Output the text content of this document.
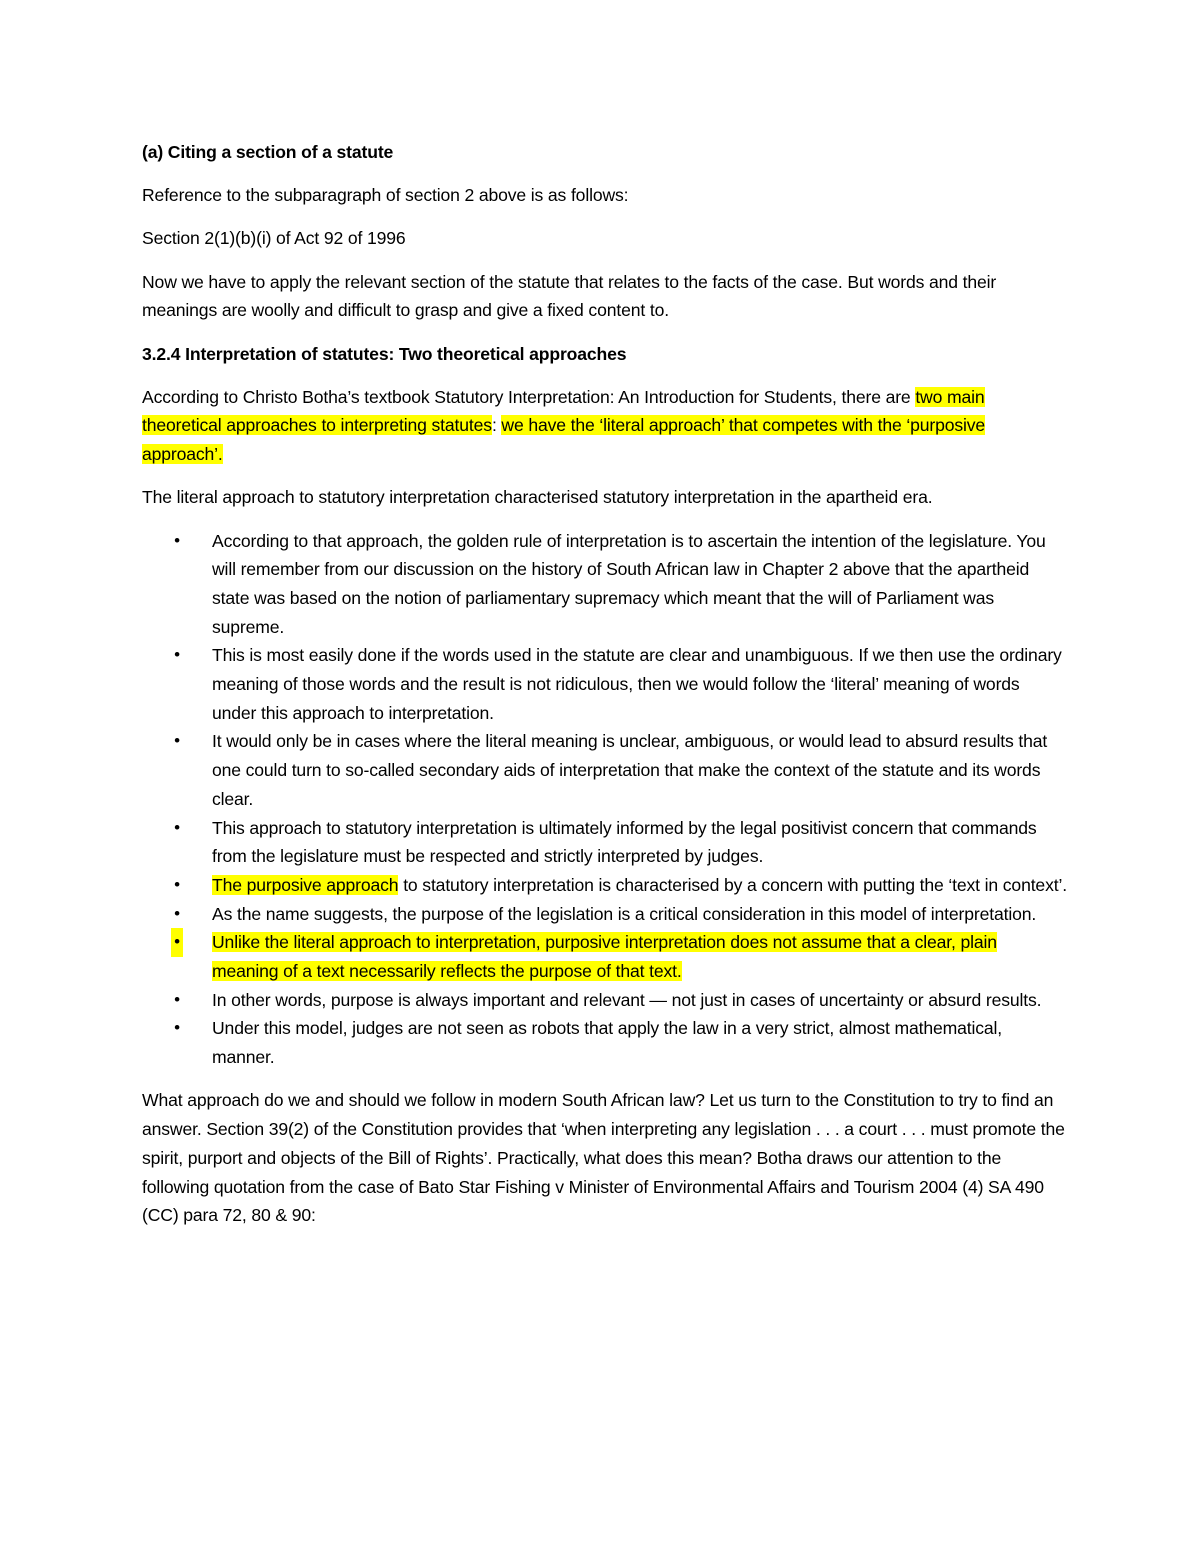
(a) Citing a section of a statute

Reference to the subparagraph of section 2 above is as follows:

Section 2(1)(b)(i) of Act 92 of 1996

Now we have to apply the relevant section of the statute that relates to the facts of the case. But words and their meanings are woolly and difficult to grasp and give a fixed content to.

3.2.4 Interpretation of statutes: Two theoretical approaches

According to Christo Botha’s textbook Statutory Interpretation: An Introduction for Students, there are two main theoretical approaches to interpreting statutes: we have the ‘literal approach’ that competes with the ‘purposive approach’.

The literal approach to statutory interpretation characterised statutory interpretation in the apartheid era.

• According to that approach, the golden rule of interpretation is to ascertain the intention of the legislature. You will remember from our discussion on the history of South African law in Chapter 2 above that the apartheid state was based on the notion of parliamentary supremacy which meant that the will of Parliament was supreme.
• This is most easily done if the words used in the statute are clear and unambiguous. If we then use the ordinary meaning of those words and the result is not ridiculous, then we would follow the ‘literal’ meaning of words under this approach to interpretation.
• It would only be in cases where the literal meaning is unclear, ambiguous, or would lead to absurd results that one could turn to so-called secondary aids of interpretation that make the context of the statute and its words clear.
• This approach to statutory interpretation is ultimately informed by the legal positivist concern that commands from the legislature must be respected and strictly interpreted by judges.
• The purposive approach to statutory interpretation is characterised by a concern with putting the ‘text in context’.
• As the name suggests, the purpose of the legislation is a critical consideration in this model of interpretation.
• Unlike the literal approach to interpretation, purposive interpretation does not assume that a clear, plain meaning of a text necessarily reflects the purpose of that text.
• In other words, purpose is always important and relevant — not just in cases of uncertainty or absurd results.
• Under this model, judges are not seen as robots that apply the law in a very strict, almost mathematical, manner.

What approach do we and should we follow in modern South African law? Let us turn to the Constitution to try to find an answer. Section 39(2) of the Constitution provides that ‘when interpreting any legislation . . . a court . . . must promote the spirit, purport and objects of the Bill of Rights’. Practically, what does this mean? Botha draws our attention to the following quotation from the case of Bato Star Fishing v Minister of Environmental Affairs and Tourism 2004 (4) SA 490 (CC) para 72, 80 & 90:
